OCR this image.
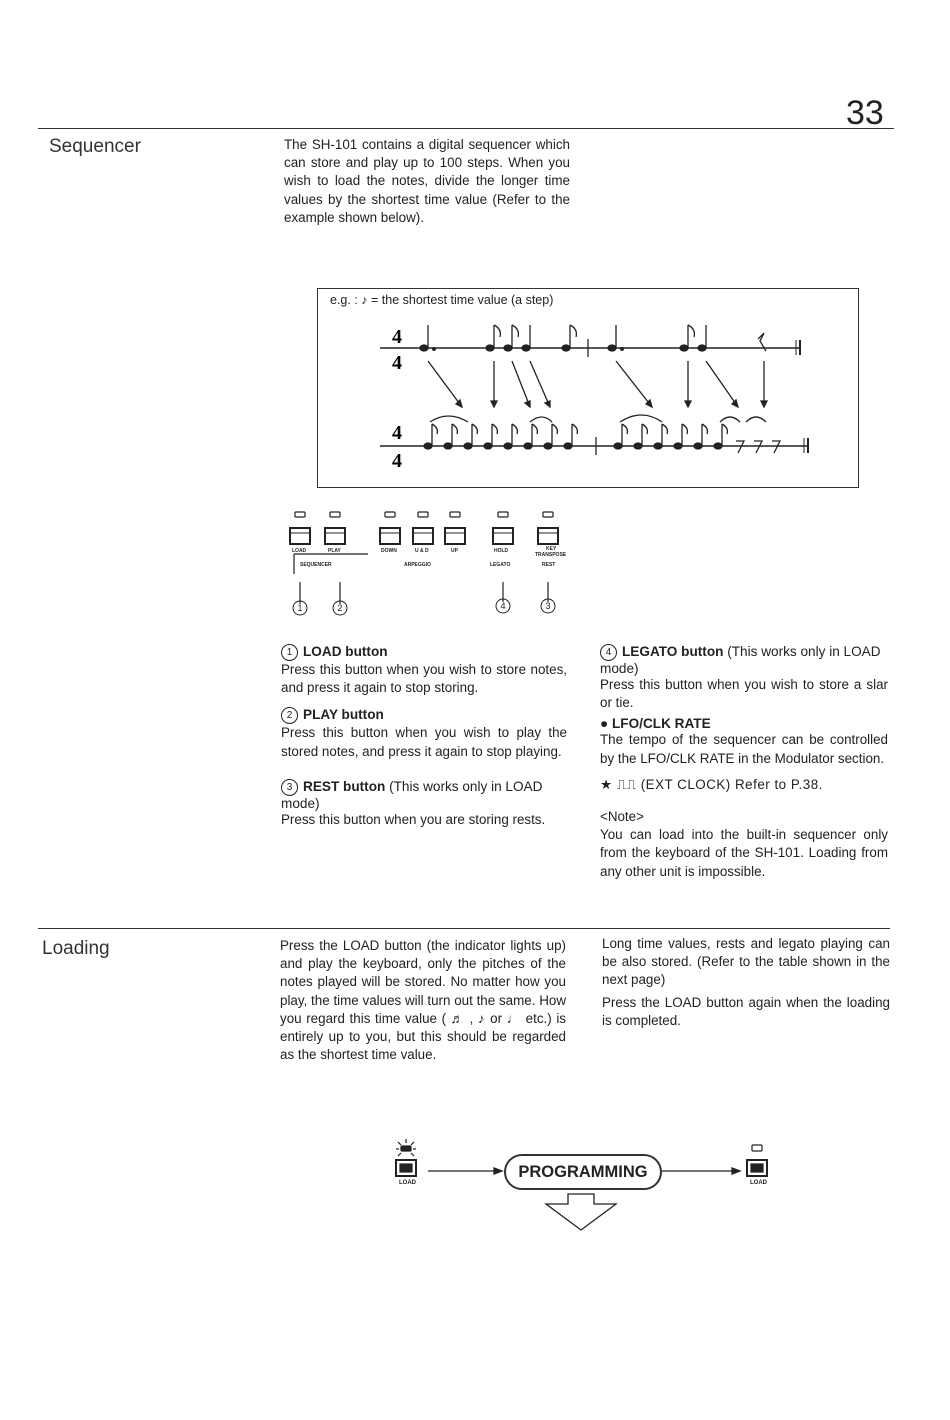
33
Sequencer	The SH-101 contains a digital sequencer which can store and play up to 100 steps. When you wish to load the notes, divide the longer time values by the shortest time value (Refer to the example shown below).
e.g. : ♪ = the shortest time value (a step)
4
4
4
4
LOAD	PLAY	DOWN	U & D	UP	HOLD	KEY
TRANSPOSE
SEQUENCER	ARPEGGIO	LEGATO	REST
1	2	4	3
1 LOAD button
Press this button when you wish to store notes, and press it again to stop storing.
2 PLAY button
Press this button when you wish to play the stored notes, and press it again to stop playing.
3 REST button (This works only in LOAD mode)
Press this button when you are storing rests.
4 LEGATO button (This works only in LOAD mode)
Press this button when you wish to store a slar or tie.
● LFO/CLK RATE
The tempo of the sequencer can be controlled by the LFO/CLK RATE in the Modulator section.
★ ⎍⎍ (EXT CLOCK) Refer to P.38.
<Note>
You can load into the built-in sequencer only from the keyboard of the SH-101. Loading from any other unit is impossible.
Loading	Press the LOAD button (the indicator lights up) and play the keyboard, only the pitches of the notes played will be stored. No matter how you play, the time values will turn out the same. How you regard this time value ( ♬ , ♪ or ♩ etc.) is entirely up to you, but this should be regarded as the shortest time value.
Long time values, rests and legato playing can be also stored. (Refer to the table shown in the next page)
Press the LOAD button again when the loading is completed.
LOAD	LOAD
PROGRAMMING
